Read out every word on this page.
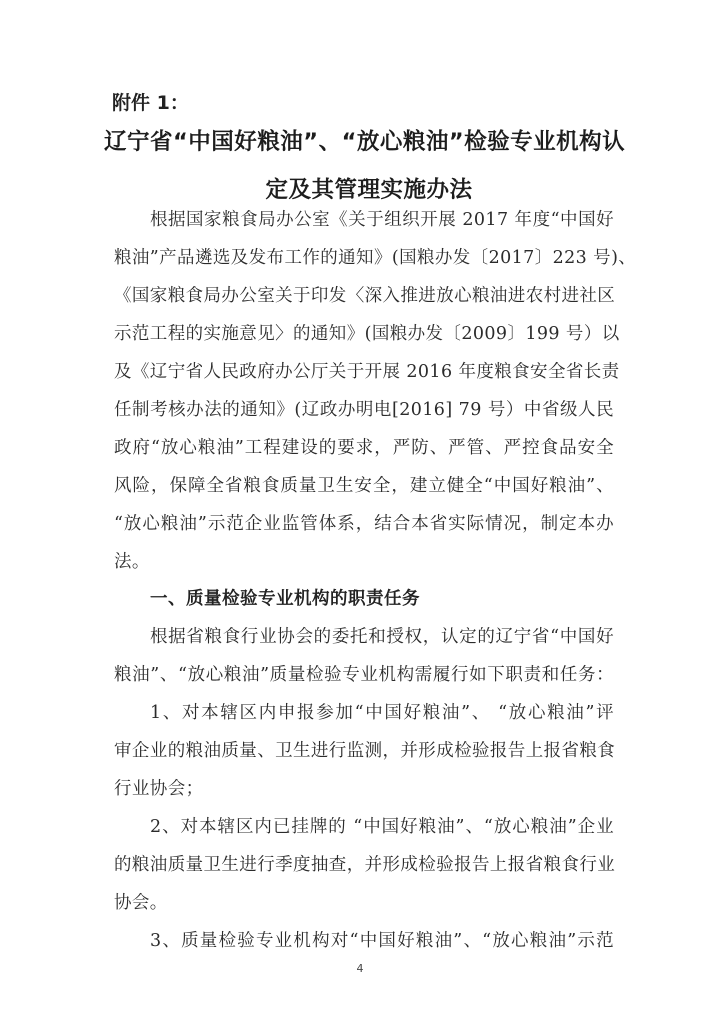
附件 1：
辽宁省“中国好粮油”、“放心粮油”检验专业机构认
定及其管理实施办法
根据国家粮食局办公室《关于组织开展 2017 年度“中国好
粮油”产品遴选及发布工作的通知》(国粮办发〔2017〕223 号)、
《国家粮食局办公室关于印发〈深入推进放心粮油进农村进社区
示范工程的实施意见〉的通知》(国粮办发〔2009〕199 号）以
及《辽宁省人民政府办公厅关于开展 2016 年度粮食安全省长责
任制考核办法的通知》(辽政办明电[2016] 79 号）中省级人民
政府“放心粮油”工程建设的要求，严防、严管、严控食品安全
风险，保障全省粮食质量卫生安全，建立健全“中国好粮油”、
“放心粮油”示范企业监管体系，结合本省实际情况，制定本办
法。
一、质量检验专业机构的职责任务
根据省粮食行业协会的委托和授权，认定的辽宁省“中国好
粮油”、“放心粮油”质量检验专业机构需履行如下职责和任务：
1、对本辖区内申报参加“中国好粮油”、 “放心粮油”评
审企业的粮油质量、卫生进行监测，并形成检验报告上报省粮食
行业协会；
2、对本辖区内已挂牌的 “中国好粮油”、“放心粮油”企业
的粮油质量卫生进行季度抽查，并形成检验报告上报省粮食行业
协会。
3、质量检验专业机构对“中国好粮油”、“放心粮油”示范
4
